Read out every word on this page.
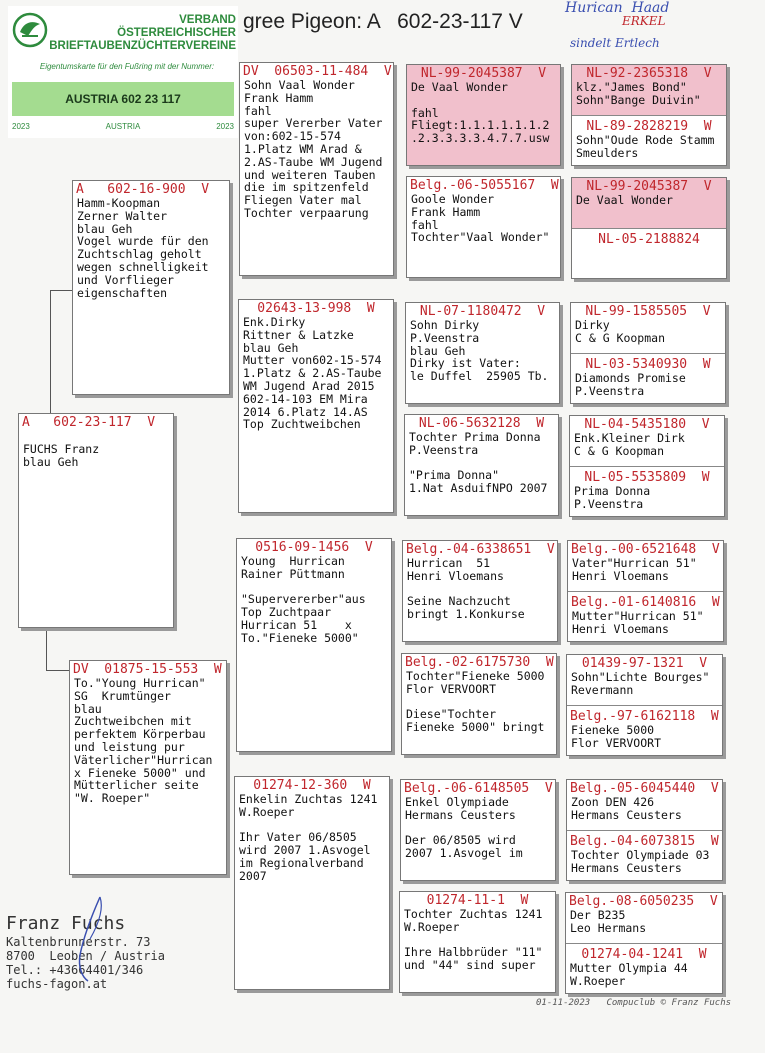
VERBAND
ÖSTERREICHISCHER
BRIEFTAUBENZÜCHTERVEREINE
Eigentumskarte für den Fußring mit der Nummer:
AUSTRIA 602 23 117
2023	AUSTRIA	2023
gree Pigeon: A   602-23-117 V
Hurican  Haad
ERKEL
sindelt Ertlech
A   602-23-117  V

FUCHS Franz
blau Geh
A   602-16-900  V
Hamm-Koopman
Zerner Walter
blau Geh
Vogel wurde für den
Zuchtschlag geholt
wegen schnelligkeit
und Vorflieger
eigenschaften
DV  01875-15-553  W
To."Young Hurrican"
SG  Krumtünger
blau
Zuchtweibchen mit
perfektem Körperbau
und leistung pur
Väterlicher"Hurrican
x Fieneke 5000" und
Mütterlicher seite
"W. Roeper"
DV  06503-11-484  V
Sohn Vaal Wonder
Frank Hamm
fahl
super Vererber Vater
von:602-15-574
1.Platz WM Arad &
2.AS-Taube WM Jugend
und weiteren Tauben
die im spitzenfeld
Fliegen Vater mal
Tochter verpaarung
02643-13-998  W
Enk.Dirky
Rittner & Latzke
blau Geh
Mutter von602-15-574
1.Platz & 2.AS-Taube
WM Jugend Arad 2015
602-14-103 EM Mira
2014 6.Platz 14.AS
Top Zuchtweibchen
0516-09-1456  V
Young  Hurrican
Rainer Püttmann

"Supervererber"aus
Top Zuchtpaar
Hurrican 51    x
To."Fieneke 5000"
01274-12-360  W
Enkelin Zuchtas 1241
W.Roeper

Ihr Vater 06/8505
wird 2007 1.Asvogel
im Regionalverband
2007
NL-99-2045387  V
De Vaal Wonder

fahl
Fliegt:1.1.1.1.1.1.2
.2.3.3.3.3.4.7.7.usw
Belg.-06-5055167  W
Goole Wonder
Frank Hamm
fahl
Tochter"Vaal Wonder"
NL-07-1180472  V
Sohn Dirky
P.Veenstra
blau Geh
Dirky ist Vater:
le Duffel  25905 Tb.
NL-06-5632128  W
Tochter Prima Donna
P.Veenstra

"Prima Donna"
1.Nat AsduifNPO 2007
Belg.-04-6338651  V
Hurrican  51
Henri Vloemans

Seine Nachzucht
bringt 1.Konkurse
Belg.-02-6175730  W
Tochter"Fieneke 5000
Flor VERVOORT

Diese"Tochter
Fieneke 5000" bringt
Belg.-06-6148505  V
Enkel Olympiade
Hermans Ceusters

Der 06/8505 wird
2007 1.Asvogel im
01274-11-1  W
Tochter Zuchtas 1241
W.Roeper

Ihre Halbbrüder "11"
und "44" sind super
NL-92-2365318  V
klz."James Bond"
Sohn"Bange Duivin"
NL-89-2828219  W
Sohn"Oude Rode Stamm
Smeulders
NL-99-2045387  V
De Vaal Wonder
NL-05-2188824
NL-99-1585505  V
Dirky
C & G Koopman
NL-03-5340930  W
Diamonds Promise
P.Veenstra
NL-04-5435180  V
Enk.Kleiner Dirk
C & G Koopman
NL-05-5535809  W
Prima Donna
P.Veenstra
Belg.-00-6521648  V
Vater"Hurrican 51"
Henri Vloemans
Belg.-01-6140816  W
Mutter"Hurrican 51"
Henri Vloemans
01439-97-1321  V
Sohn"Lichte Bourges"
Revermann
Belg.-97-6162118  W
Fieneke 5000
Flor VERVOORT
Belg.-05-6045440  V
Zoon DEN 426
Hermans Ceusters
Belg.-04-6073815  W
Tochter Olympiade 03
Hermans Ceusters
Belg.-08-6050235  V
Der B235
Leo Hermans
01274-04-1241  W
Mutter Olympia 44
W.Roeper
Franz Fuchs
Kaltenbrunnerstr. 73
8700  Leoben / Austria
Tel.: +43664401/346
fuchs-fagon.at
01-11-2023   Compuclub © Franz Fuchs
